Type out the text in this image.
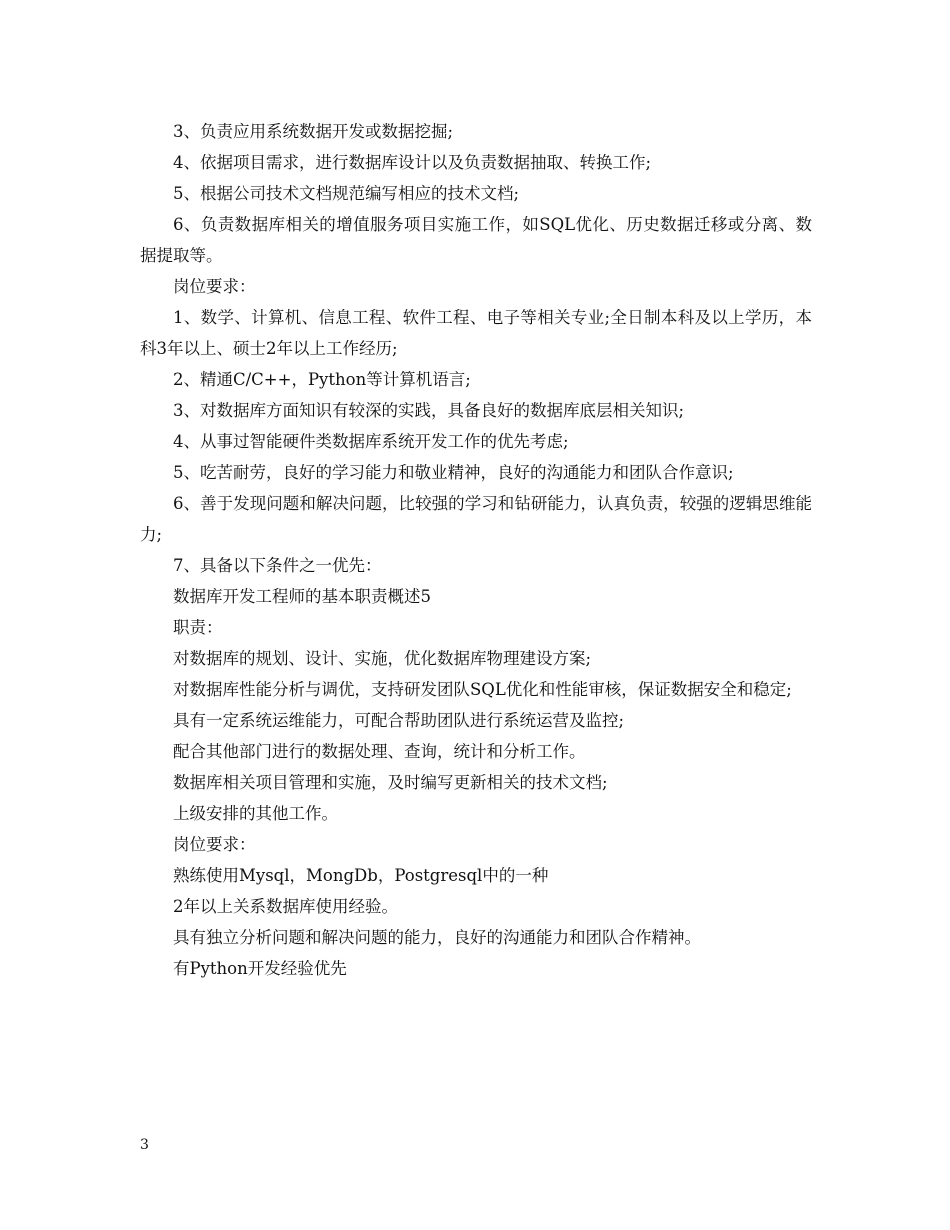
3、负责应用系统数据开发或数据挖掘;

4、依据项目需求，进行数据库设计以及负责数据抽取、转换工作;

5、根据公司技术文档规范编写相应的技术文档;

6、负责数据库相关的增值服务项目实施工作，如SQL优化、历史数据迁移或分离、数据提取等。

岗位要求：

1、数学、计算机、信息工程、软件工程、电子等相关专业;全日制本科及以上学历，本科3年以上、硕士2年以上工作经历;

2、精通C/C++，Python等计算机语言;

3、对数据库方面知识有较深的实践，具备良好的数据库底层相关知识;

4、从事过智能硬件类数据库系统开发工作的优先考虑;

5、吃苦耐劳，良好的学习能力和敬业精神，良好的沟通能力和团队合作意识;

6、善于发现问题和解决问题，比较强的学习和钻研能力，认真负责，较强的逻辑思维能力;

7、具备以下条件之一优先：

数据库开发工程师的基本职责概述5

职责：

对数据库的规划、设计、实施，优化数据库物理建设方案;

对数据库性能分析与调优，支持研发团队SQL优化和性能审核，保证数据安全和稳定;

具有一定系统运维能力，可配合帮助团队进行系统运营及监控;

配合其他部门进行的数据处理、查询，统计和分析工作。

数据库相关项目管理和实施，及时编写更新相关的技术文档;

上级安排的其他工作。

岗位要求：

熟练使用Mysql，MongDb，Postgresql中的一种

2年以上关系数据库使用经验。

具有独立分析问题和解决问题的能力，良好的沟通能力和团队合作精神。

有Python开发经验优先

3
